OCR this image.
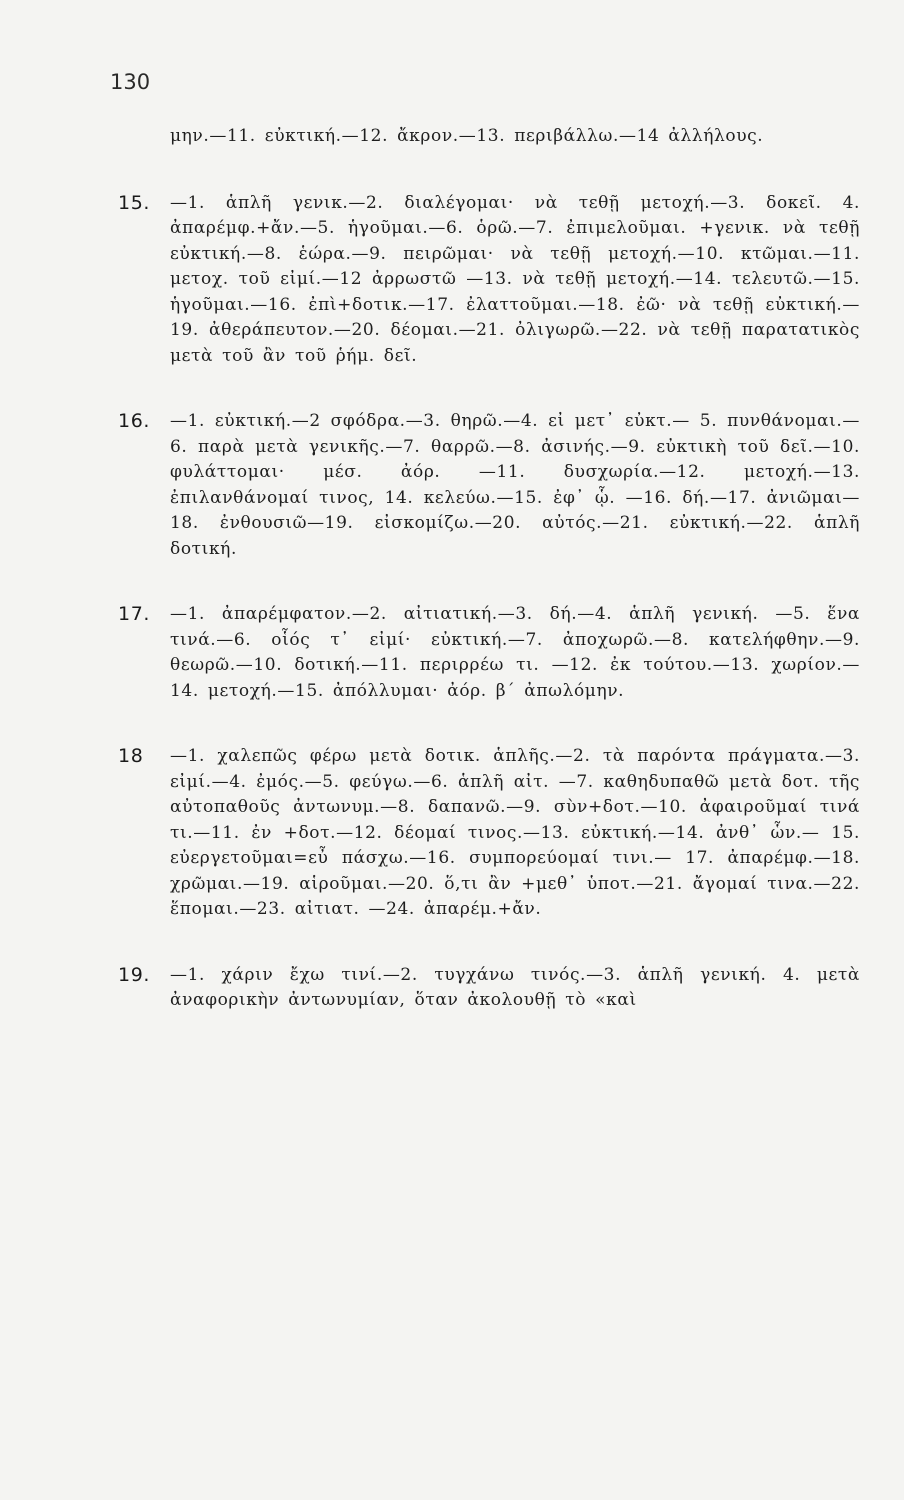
130
μην.—11. εὐκτική.—12. ἄκρον.—13. περιβάλλω.—14 ἀλλήλους.
15. —1. ἁπλῆ γενικ.—2. διαλέγομαι· νὰ τεθῇ μετοχή.—3. δοκεῖ. 4. ἀπαρέμφ.+ἄν.—5. ἡγοῦμαι.—6. ὁρῶ.—7. ἐπιμελοῦμαι. +γενικ. νὰ τεθῇ εὐκτική.—8. ἑώρα.—9. πειρῶμαι· νὰ τεθῇ μετοχή.—10. κτῶμαι.—11. μετοχ. τοῦ εἰμί.—12 ἀρρωστῶ —13. νὰ τεθῇ μετοχή.—14. τελευτῶ.—15. ἡγοῦμαι.—16. ἐπὶ+δοτικ.—17. ἐλαττοῦμαι.—18. ἐῶ· νὰ τεθῇ εὐκτική.—19. ἀθεράπευτον.—20. δέομαι.—21. ὀλιγωρῶ.—22. νὰ τεθῇ παρατατικὸς μετὰ τοῦ ἂν τοῦ ῥήμ. δεῖ.
16. —1. εὐκτική.—2 σφόδρα.—3. θηρῶ.—4. εἰ μετ᾽ εὐκτ.— 5. πυνθάνομαι.—6. παρὰ μετὰ γενικῆς.—7. θαρρῶ.—8. ἀσινής.—9. εὐκτικὴ τοῦ δεῖ.—10. φυλάττομαι· μέσ. ἀόρ. —11. δυσχωρία.—12. μετοχή.—13. ἐπιλανθάνομαί τινος, 14. κελεύω.—15. ἐφ᾽ ᾧ. —16. δή.—17. ἀνιῶμαι—18. ἐνθουσιῶ—19. εἰσκομίζω.—20. αὐτός.—21. εὐκτική.—22. ἁπλῆ δοτική.
17. —1. ἀπαρέμφατον.—2. αἰτιατική.—3. δή.—4. ἁπλῆ γενική. —5. ἕνα τινά.—6. οἷός τ᾽ εἰμί· εὐκτική.—7. ἀποχωρῶ.—8. κατελήφθην.—9. θεωρῶ.—10. δοτική.—11. περιρρέω τι. —12. ἐκ τούτου.—13. χωρίον.—14. μετοχή.—15. ἀπόλλυμαι· ἀόρ. β΄ ἀπωλόμην.
18 —1. χαλεπῶς φέρω μετὰ δοτικ. ἁπλῆς.—2. τὰ παρόντα πράγματα.—3. εἰμί.—4. ἐμός.—5. φεύγω.—6. ἁπλῆ αἰτ. —7. καθηδυπαθῶ μετὰ δοτ. τῆς αὐτοπαθοῦς ἀντωνυμ.—8. δαπανῶ.—9. σὺν+δοτ.—10. ἀφαιροῦμαί τινά τι.—11. ἐν +δοτ.—12. δέομαί τινος.—13. εὐκτική.—14. ἀνθ᾽ ὧν.— 15. εὐεργετοῦμαι=εὖ πάσχω.—16. συμπορεύομαί τινι.— 17. ἀπαρέμφ.—18. χρῶμαι.—19. αἱροῦμαι.—20. ὅ,τι ἂν +μεθ᾽ ὑποτ.—21. ἄγομαί τινα.—22. ἕπομαι.—23. αἰτιατ. —24. ἀπαρέμ.+ἄν.
19. —1. χάριν ἔχω τινί.—2. τυγχάνω τινός.—3. ἁπλῆ γενική. 4. μετὰ ἀναφορικὴν ἀντωνυμίαν, ὅταν ἀκολουθῇ τὸ «καὶ
